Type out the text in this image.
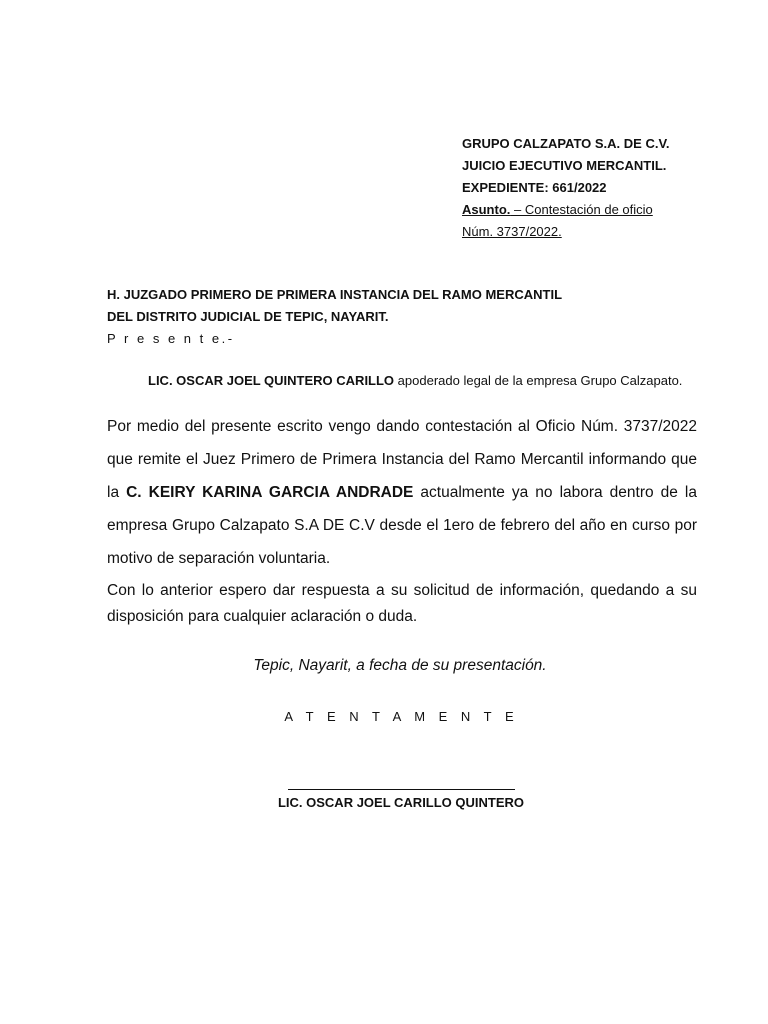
GRUPO CALZAPATO S.A. DE C.V.
JUICIO EJECUTIVO MERCANTIL.
EXPEDIENTE: 661/2022
Asunto. – Contestación de oficio
Núm. 3737/2022.
H. JUZGADO PRIMERO DE PRIMERA INSTANCIA DEL RAMO MERCANTIL
DEL DISTRITO JUDICIAL DE TEPIC, NAYARIT.
P r e s e n t e.-
LIC. OSCAR JOEL QUINTERO CARILLO apoderado legal de la empresa Grupo Calzapato.

Por medio del presente escrito vengo dando contestación al Oficio Núm. 3737/2022 que remite el Juez Primero de Primera Instancia del Ramo Mercantil informando que la C. KEIRY KARINA GARCIA ANDRADE actualmente ya no labora dentro de la empresa Grupo Calzapato S.A DE C.V desde el 1ero de febrero del año en curso por motivo de separación voluntaria.

Con lo anterior espero dar respuesta a su solicitud de información, quedando a su disposición para cualquier aclaración o duda.

Tepic, Nayarit, a fecha de su presentación.
A T E N T A M E N T E
LIC. OSCAR JOEL CARILLO QUINTERO
